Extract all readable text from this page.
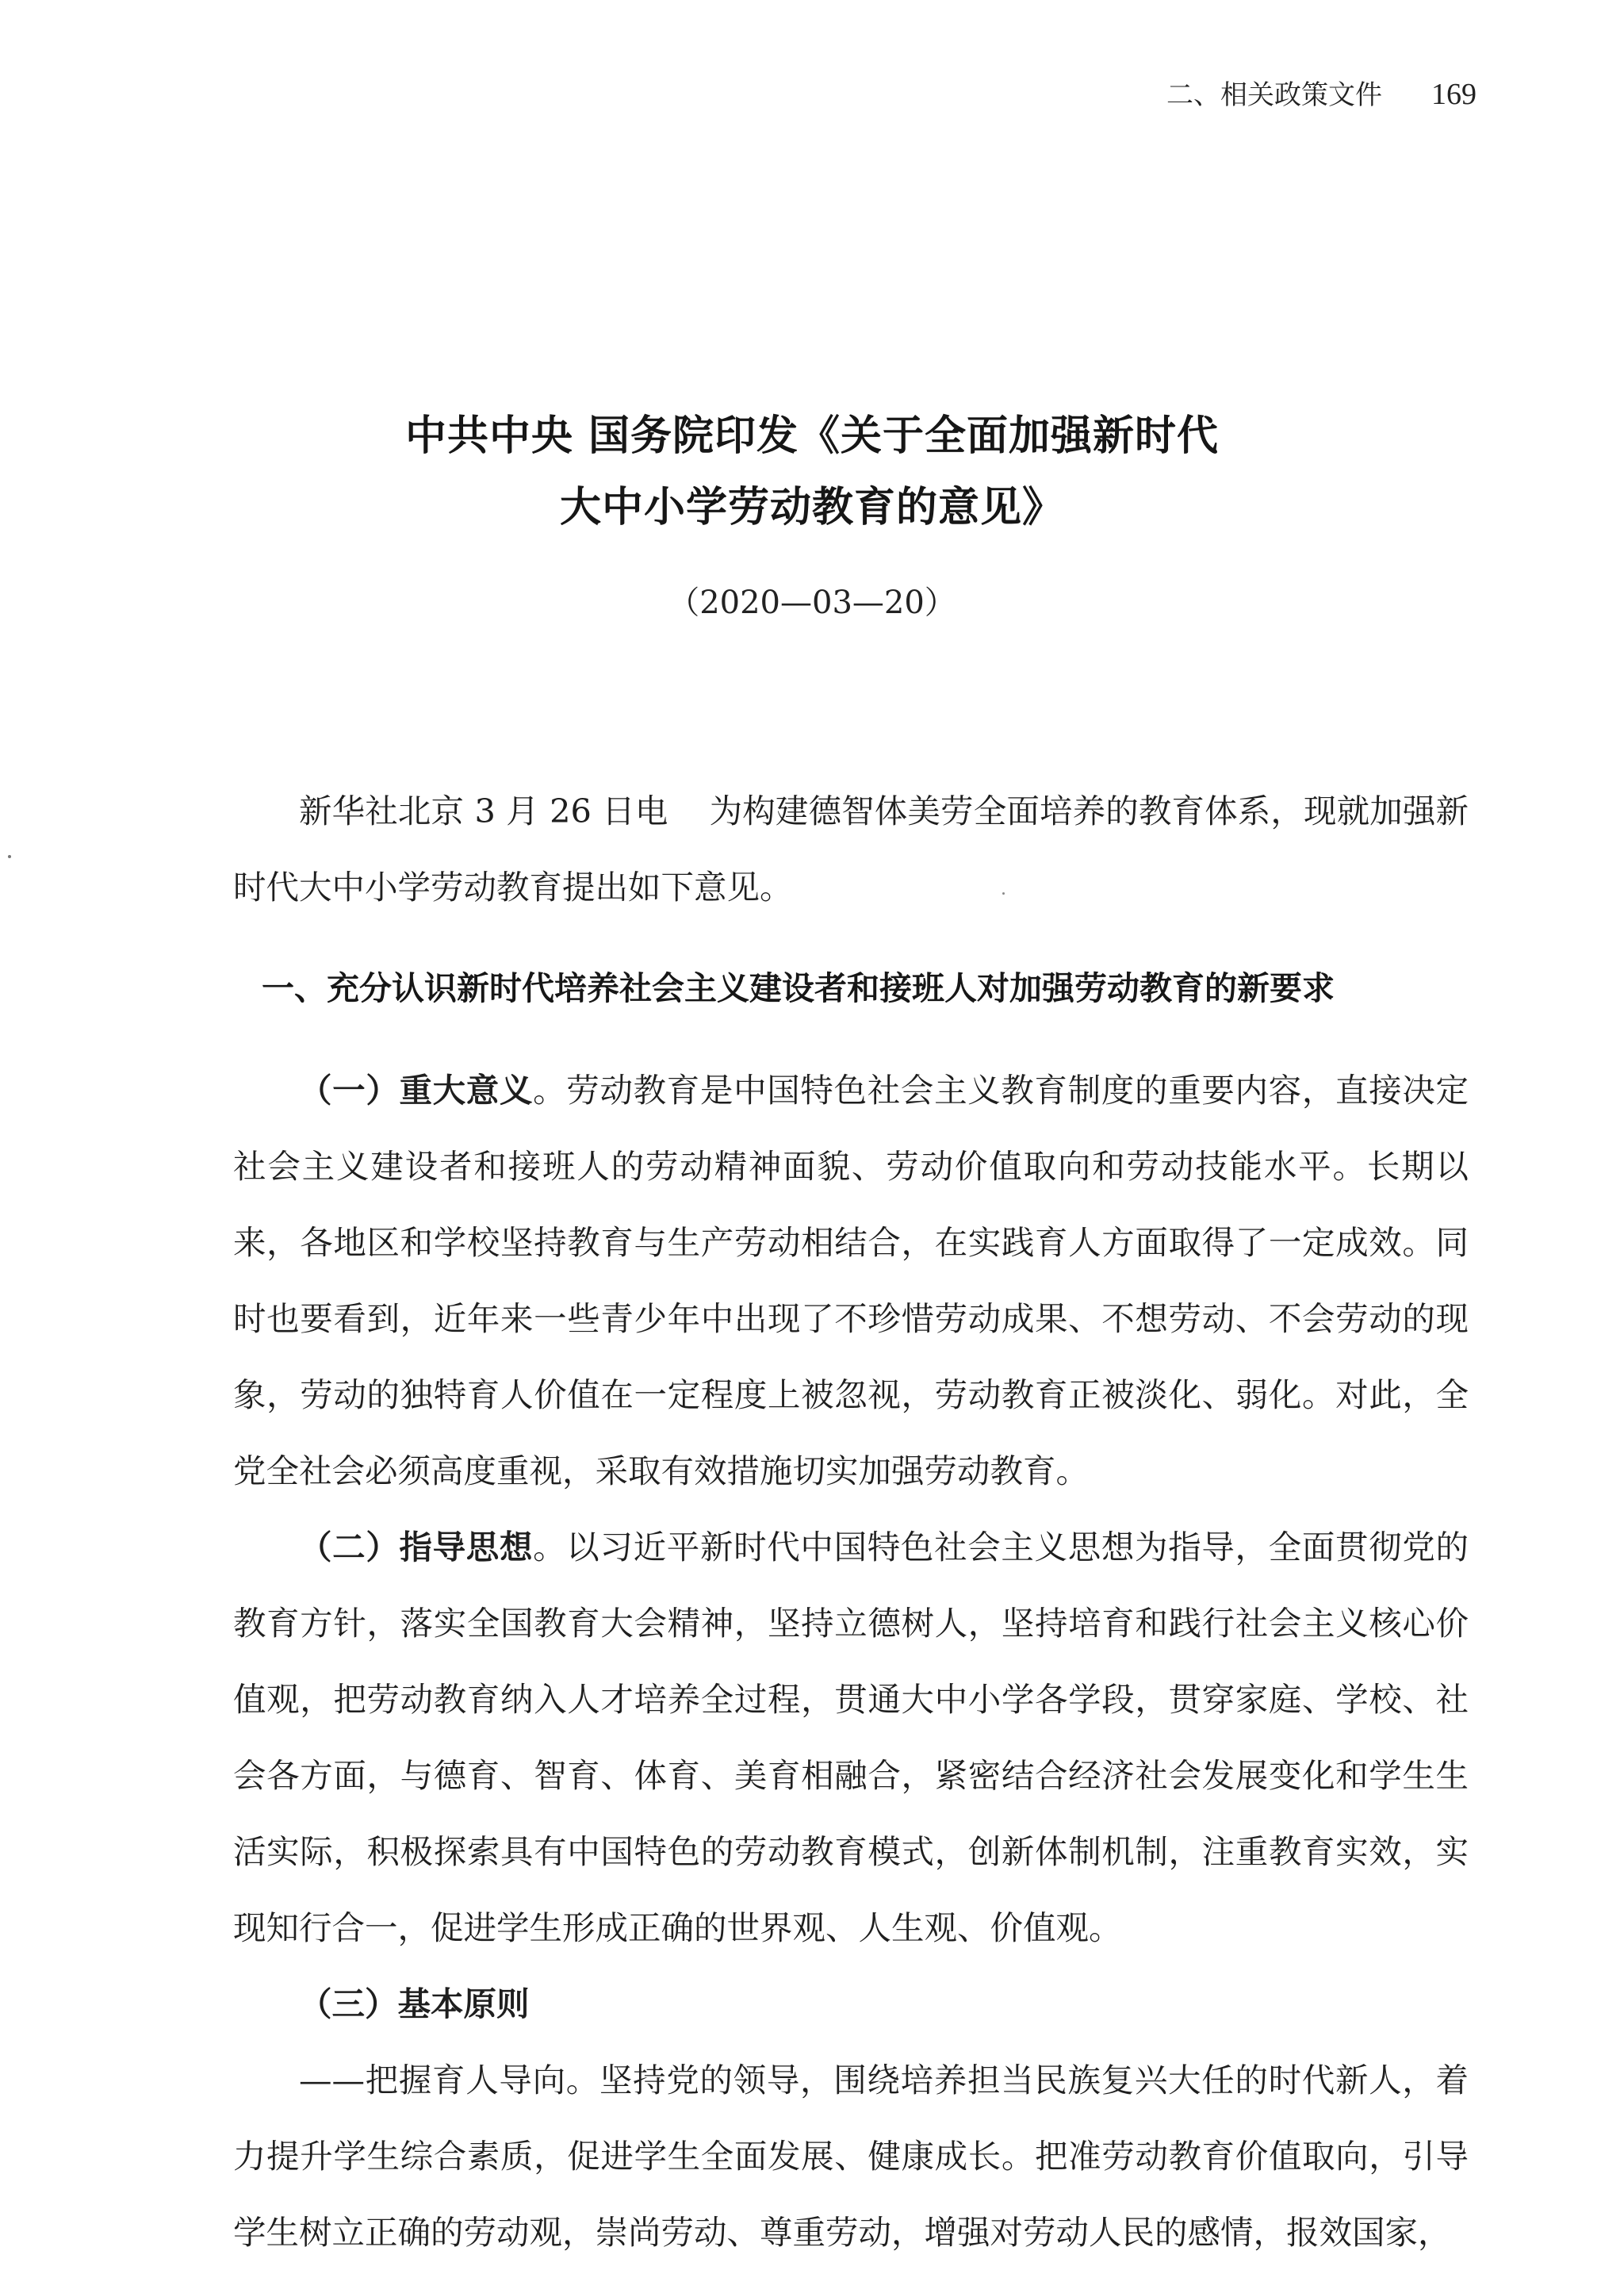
二、相关政策文件 169
中共中央 国务院印发《关于全面加强新时代
大中小学劳动教育的意见》
（2020—03—20）

新华社北京 3 月 26 日电 为构建德智体美劳全面培养的教育体系，现就加强新时代大中小学劳动教育提出如下意见。

一、充分认识新时代培养社会主义建设者和接班人对加强劳动教育的新要求

（一）重大意义。劳动教育是中国特色社会主义教育制度的重要内容，直接决定社会主义建设者和接班人的劳动精神面貌、劳动价值取向和劳动技能水平。长期以来，各地区和学校坚持教育与生产劳动相结合，在实践育人方面取得了一定成效。同时也要看到，近年来一些青少年中出现了不珍惜劳动成果、不想劳动、不会劳动的现象，劳动的独特育人价值在一定程度上被忽视，劳动教育正被淡化、弱化。对此，全党全社会必须高度重视，采取有效措施切实加强劳动教育。

（二）指导思想。以习近平新时代中国特色社会主义思想为指导，全面贯彻党的教育方针，落实全国教育大会精神，坚持立德树人，坚持培育和践行社会主义核心价值观，把劳动教育纳入人才培养全过程，贯通大中小学各学段，贯穿家庭、学校、社会各方面，与德育、智育、体育、美育相融合，紧密结合经济社会发展变化和学生生活实际，积极探索具有中国特色的劳动教育模式，创新体制机制，注重教育实效，实现知行合一，促进学生形成正确的世界观、人生观、价值观。

（三）基本原则

——把握育人导向。坚持党的领导，围绕培养担当民族复兴大任的时代新人，着力提升学生综合素质，促进学生全面发展、健康成长。把准劳动教育价值取向，引导学生树立正确的劳动观，崇尚劳动、尊重劳动，增强对劳动人民的感情，报效国家，
